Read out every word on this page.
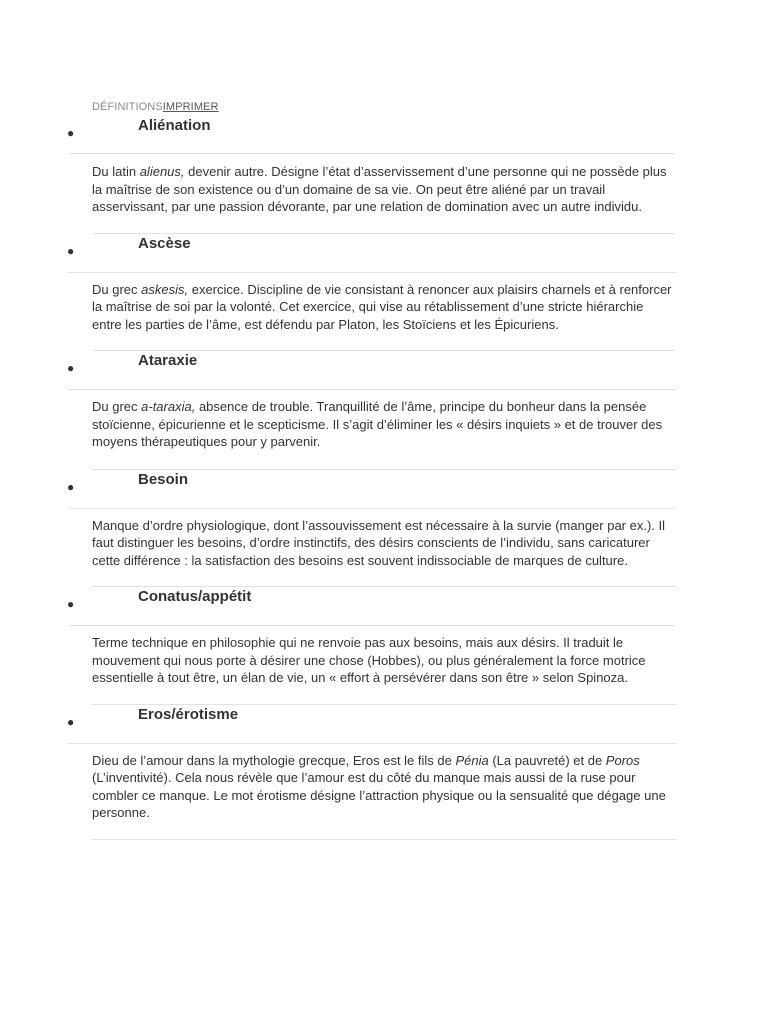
DÉFINITIONSIMPRIMER
●	Aliénation

Du latin alienus, devenir autre. Désigne l’état d’asservissement d’une personne qui ne possède plus la maîtrise de son existence ou d’un domaine de sa vie. On peut être aliéné par un travail asservissant, par une passion dévorante, par une relation de domination avec un autre individu.

●	Ascèse

Du grec askesis, exercice. Discipline de vie consistant à renoncer aux plaisirs charnels et à renforcer la maîtrise de soi par la volonté. Cet exercice, qui vise au rétablissement d’une stricte hiérarchie entre les parties de l’âme, est défendu par Platon, les Stoïciens et les Épicuriens.

●	Ataraxie

Du grec a-taraxia, absence de trouble. Tranquillité de l’âme, principe du bonheur dans la pensée stoïcienne, épicurienne et le scepticisme. Il s’agit d’éliminer les « désirs inquiets » et de trouver des moyens thérapeutiques pour y parvenir.

●	Besoin

Manque d’ordre physiologique, dont l’assouvissement est nécessaire à la survie (manger par ex.). Il faut distinguer les besoins, d’ordre instinctifs, des désirs conscients de l’individu, sans caricaturer cette différence : la satisfaction des besoins est souvent indissociable de marques de culture.

●	Conatus/appétit

Terme technique en philosophie qui ne renvoie pas aux besoins, mais aux désirs. Il traduit le mouvement qui nous porte à désirer une chose (Hobbes), ou plus généralement la force motrice essentielle à tout être, un élan de vie, un « effort à persévérer dans son être » selon Spinoza.

●	Eros/érotisme

Dieu de l’amour dans la mythologie grecque, Eros est le fils de Pénia (La pauvreté) et de Poros (L’inventivité). Cela nous révèle que l’amour est du côté du manque mais aussi de la ruse pour combler ce manque. Le mot érotisme désigne l’attraction physique ou la sensualité que dégage une personne.
